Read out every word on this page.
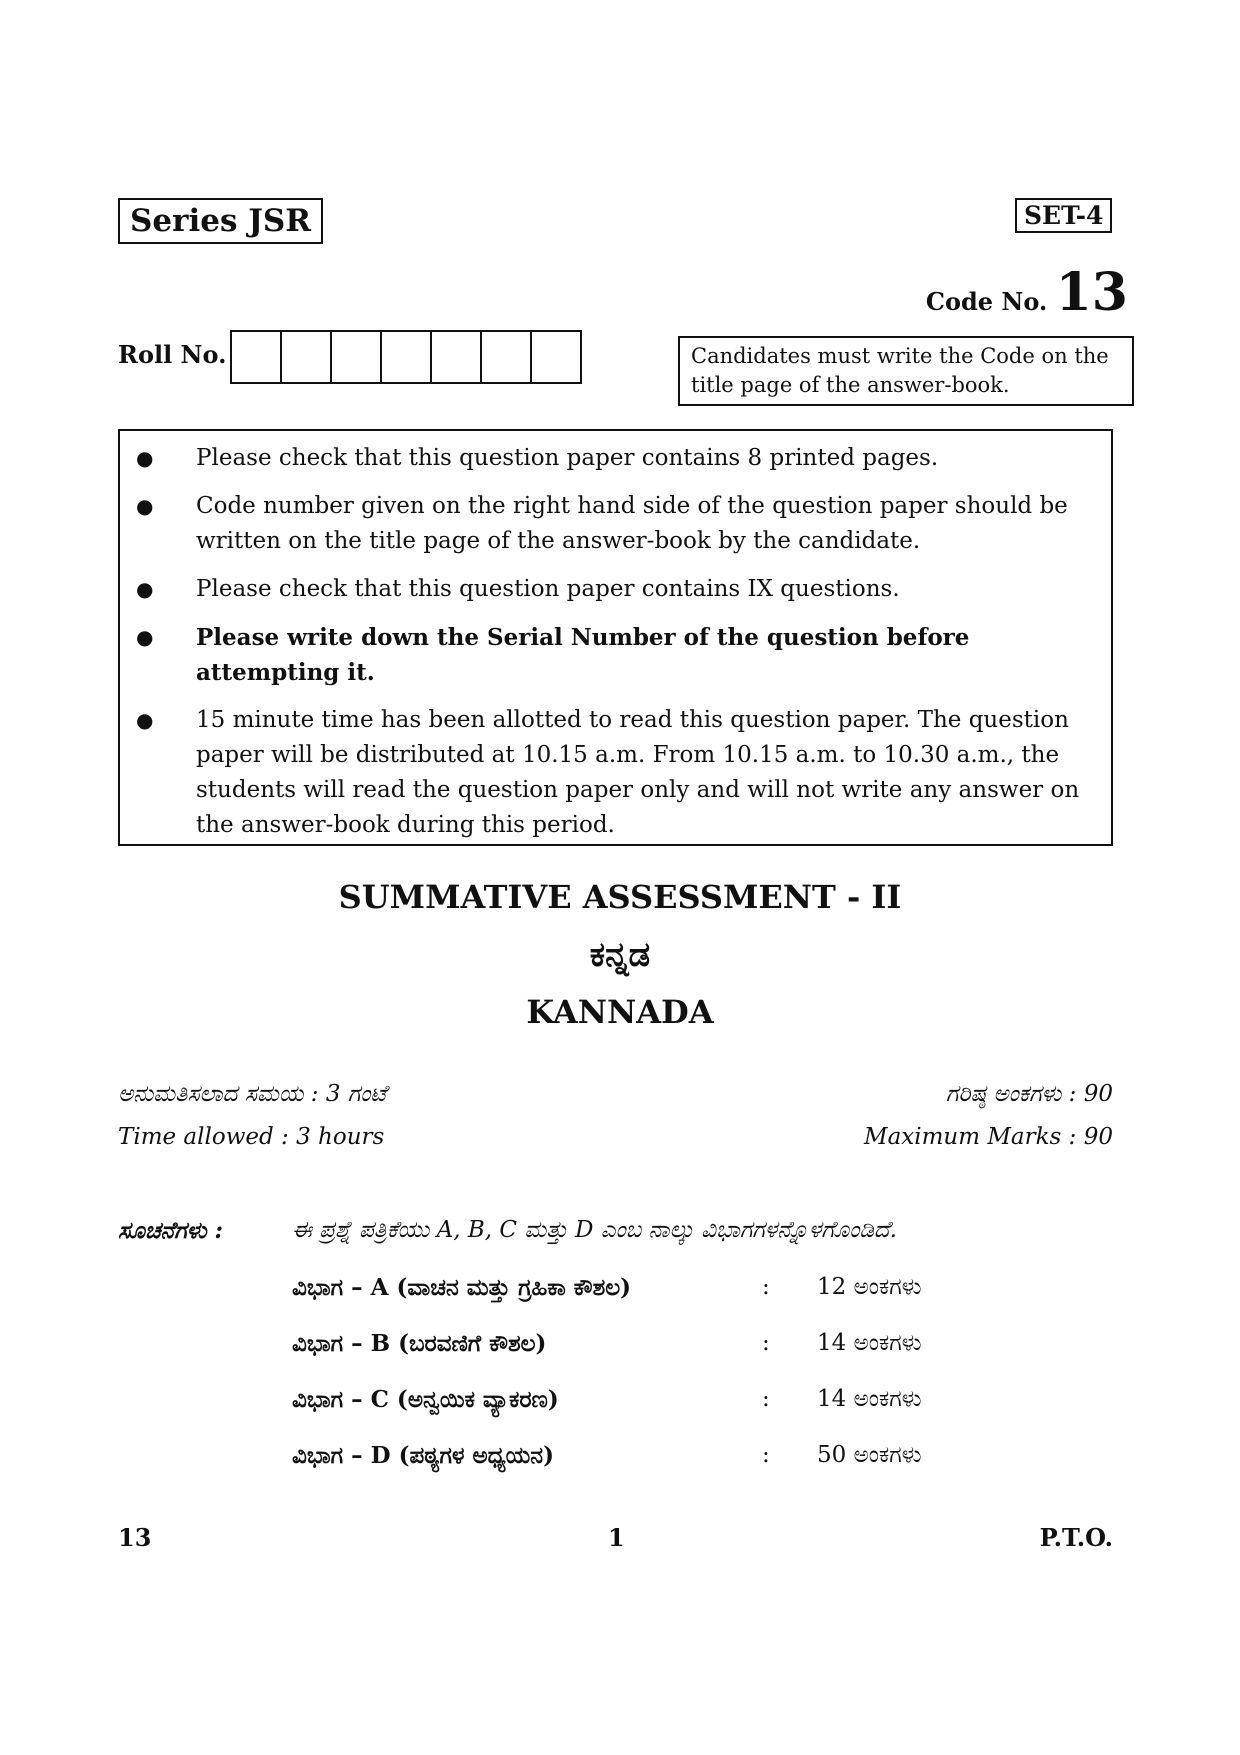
Series JSR	SET-4
Code No. 13
Roll No.	Candidates must write the Code on the title page of the answer-book.
●	Please check that this question paper contains 8 printed pages.
●	Code number given on the right hand side of the question paper should be written on the title page of the answer-book by the candidate.
●	Please check that this question paper contains IX questions.
●	Please write down the Serial Number of the question before attempting it.
●	15 minute time has been allotted to read this question paper. The question paper will be distributed at 10.15 a.m. From 10.15 a.m. to 10.30 a.m., the students will read the question paper only and will not write any answer on the answer-book during this period.
SUMMATIVE ASSESSMENT - II
ಕನ್ನಡ
KANNADA
ಅನುಮತಿಸಲಾದ ಸಮಯ : 3 ಗಂಟೆ	ಗರಿಷ್ಠ ಅಂಕಗಳು : 90
Time allowed : 3 hours	Maximum Marks : 90
ಸೂಚನೆಗಳು :	ಈ ಪ್ರಶ್ನೆ ಪತ್ರಿಕೆಯು A, B, C ಮತ್ತು D ಎಂಬ ನಾಲ್ಕು ವಿಭಾಗಗಳನ್ನೊಳಗೊಂಡಿದೆ.
ವಿಭಾಗ – A (ವಾಚನ ಮತ್ತು ಗ್ರಹಿಕಾ ಕೌಶಲ)	:	12 ಅಂಕಗಳು
ವಿಭಾಗ – B (ಬರವಣಿಗೆ ಕೌಶಲ)	:	14 ಅಂಕಗಳು
ವಿಭಾಗ – C (ಅನ್ವಯಿಕ ವ್ಯಾಕರಣ)	:	14 ಅಂಕಗಳು
ವಿಭಾಗ – D (ಪಠ್ಯಗಳ ಅಧ್ಯಯನ)	:	50 ಅಂಕಗಳು
13	1	P.T.O.
